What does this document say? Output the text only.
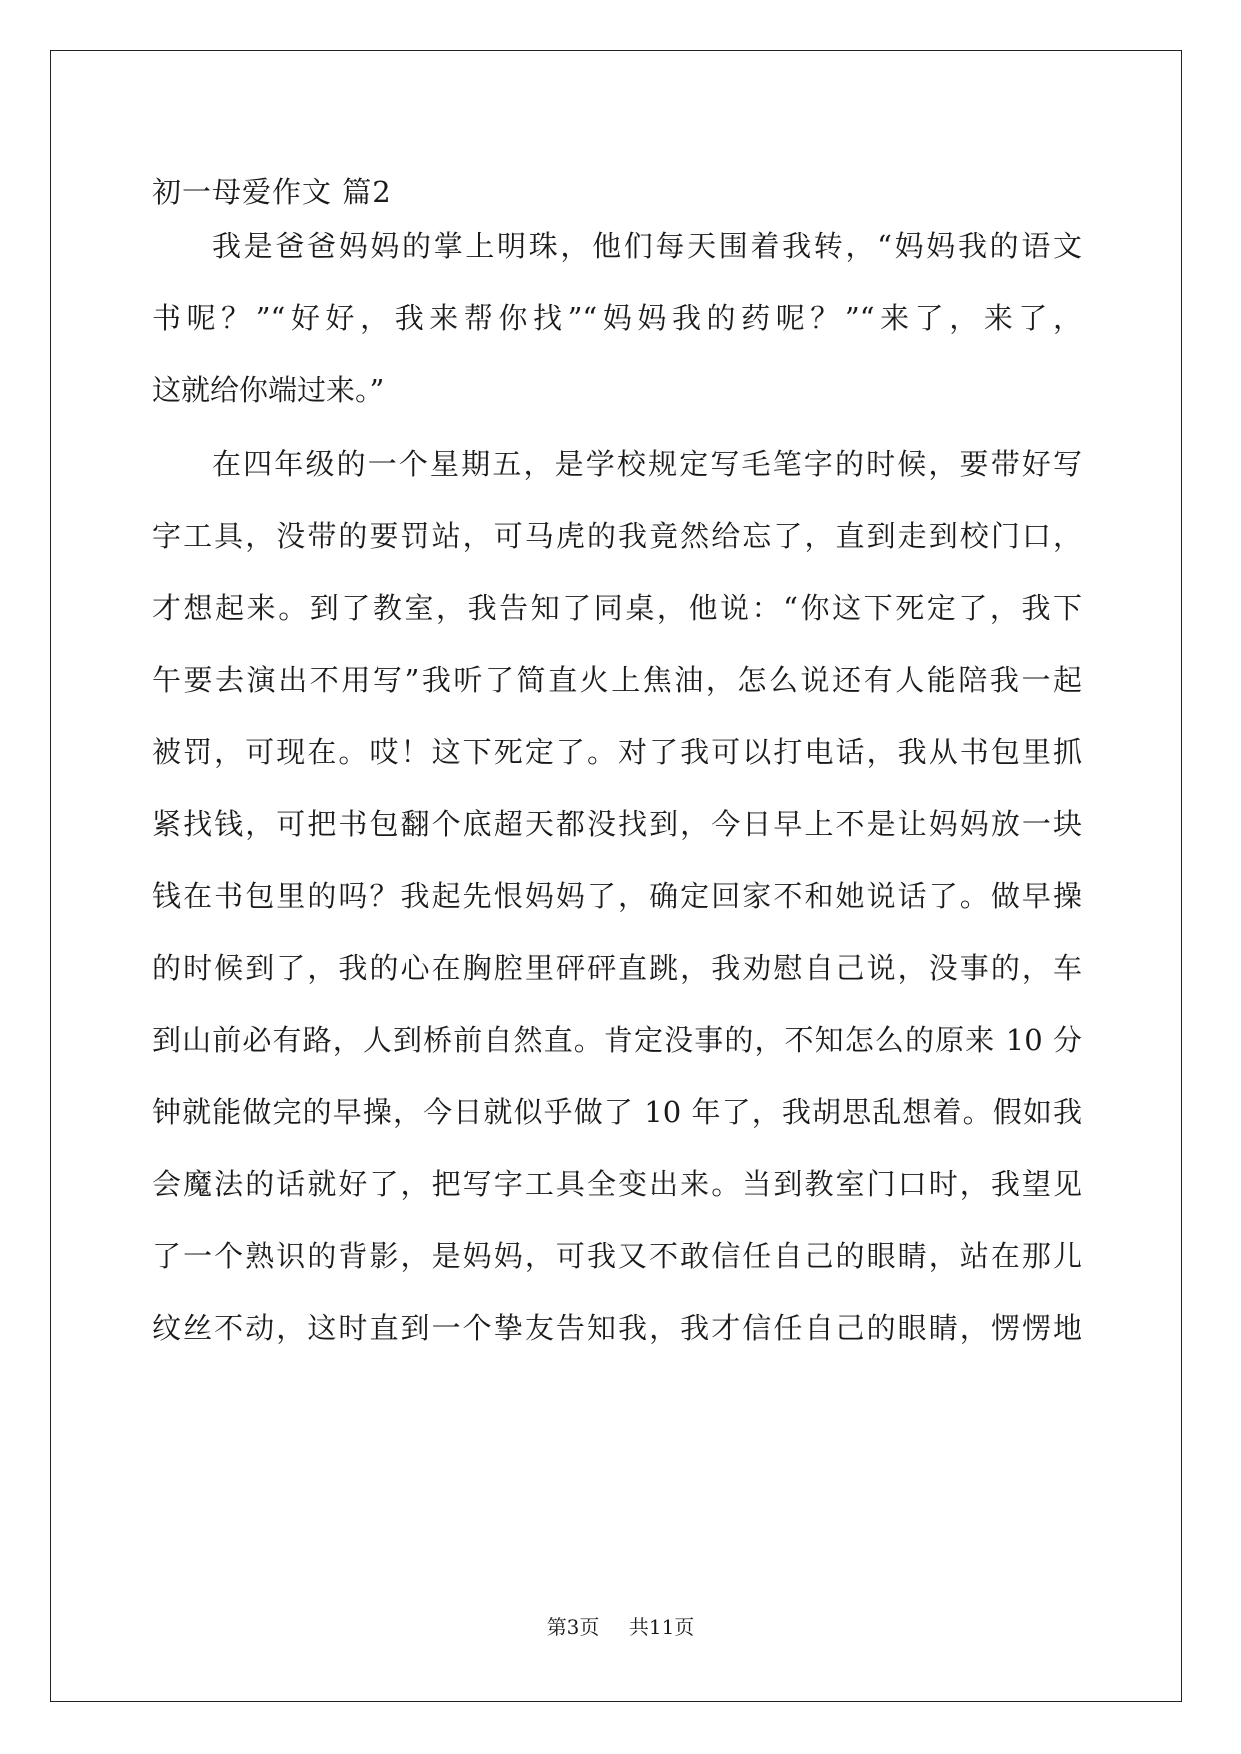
初一母爱作文 篇2
我是爸爸妈妈的掌上明珠，他们每天围着我转，“妈妈我的语文
书呢？”“好好，我来帮你找”“妈妈我的药呢？”“来了，来了，
这就给你端过来。”
在四年级的一个星期五，是学校规定写毛笔字的时候，要带好写
字工具，没带的要罚站，可马虎的我竟然给忘了，直到走到校门口，
才想起来。到了教室，我告知了同桌，他说：“你这下死定了，我下
午要去演出不用写”我听了简直火上焦油，怎么说还有人能陪我一起
被罚，可现在。哎！这下死定了。对了我可以打电话，我从书包里抓
紧找钱，可把书包翻个底超天都没找到，今日早上不是让妈妈放一块
钱在书包里的吗？我起先恨妈妈了，确定回家不和她说话了。做早操
的时候到了，我的心在胸腔里砰砰直跳，我劝慰自己说，没事的，车
到山前必有路，人到桥前自然直。肯定没事的，不知怎么的原来 10 分
钟就能做完的早操，今日就似乎做了 10 年了，我胡思乱想着。假如我
会魔法的话就好了，把写字工具全变出来。当到教室门口时，我望见
了一个熟识的背影，是妈妈，可我又不敢信任自己的眼睛，站在那儿
纹丝不动，这时直到一个挚友告知我，我才信任自己的眼睛，愣愣地
第3页 共11页
